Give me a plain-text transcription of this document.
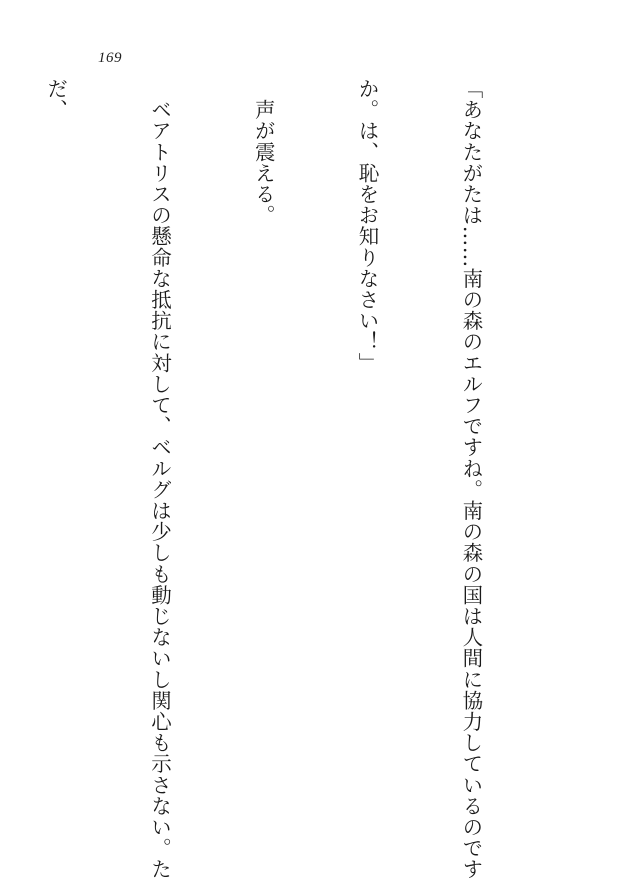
169

「あなたがたは……南の森のエルフですね。南の森の国は人間に協力しているのです

か。は、恥をお知りなさい！」

　声が震える。

　ベアトリスの懸命な抵抗に対して、ベルグは少しも動じないし関心も示さない。た

だ、
